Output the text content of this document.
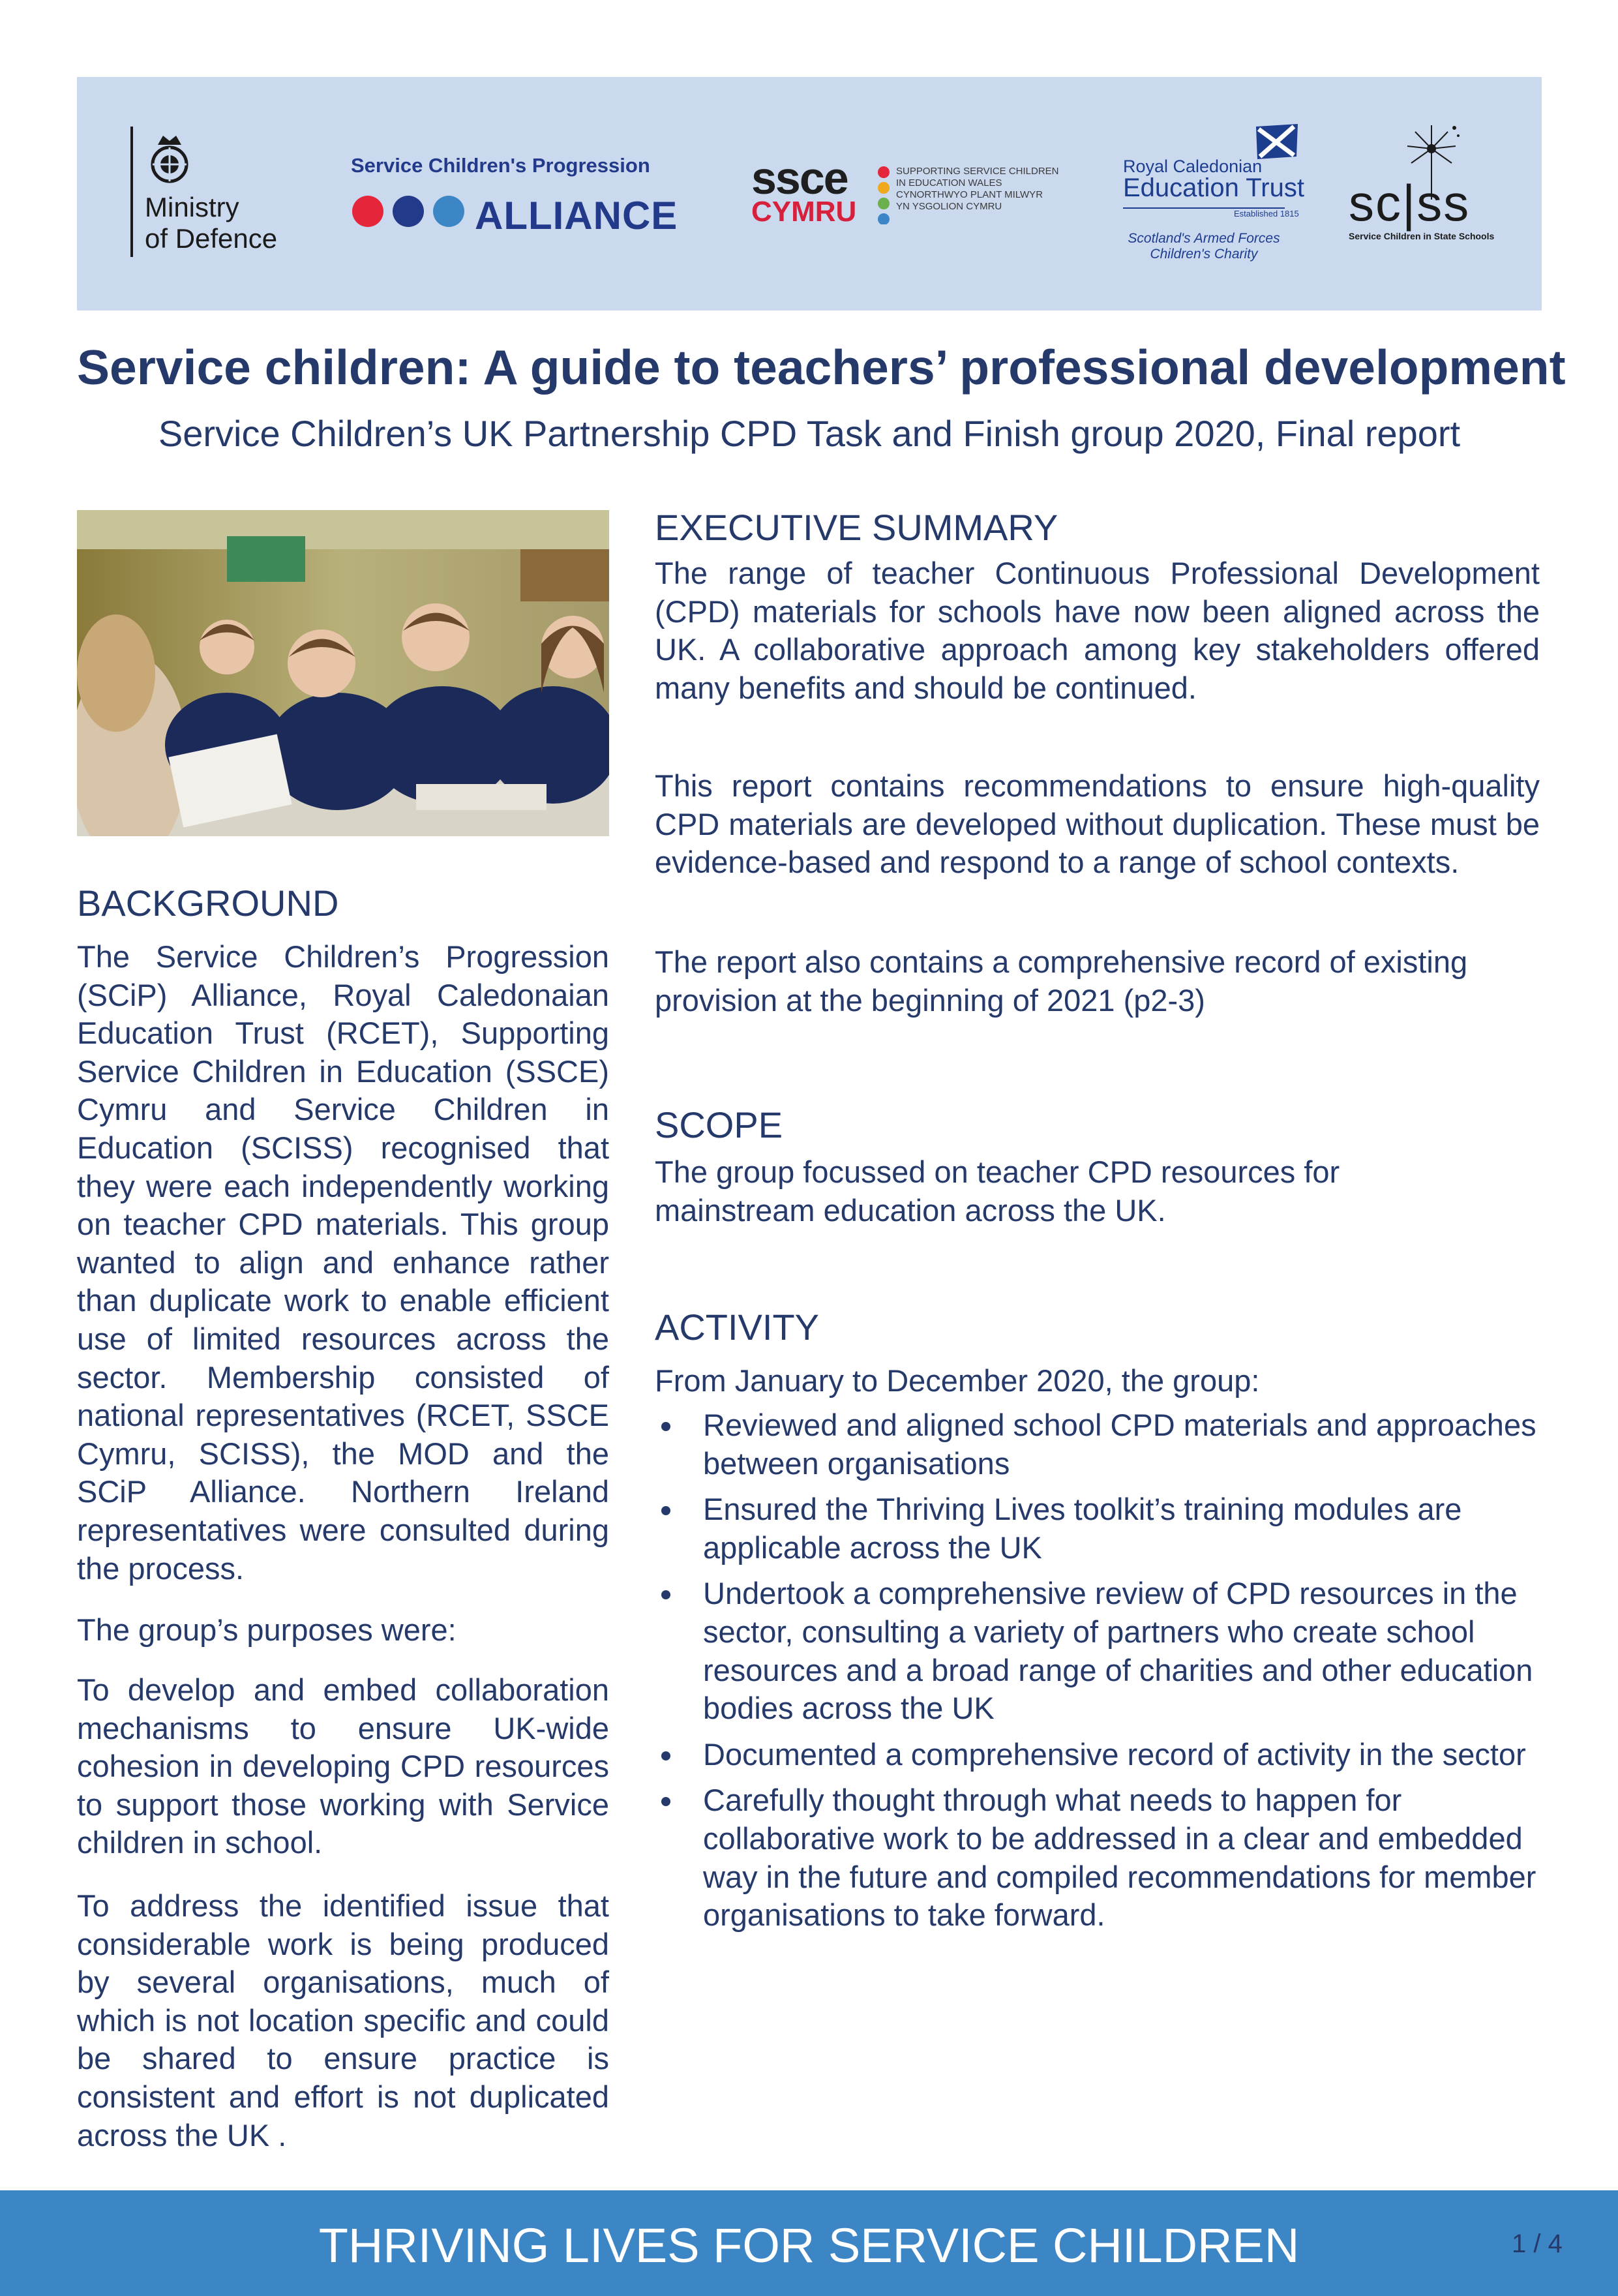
Ministry
of Defence
Service Children's Progression
ALLIANCE
ssce
CYMRU
SUPPORTING SERVICE CHILDREN
IN EDUCATION WALES
CYNORTHWYO PLANT MILWYR
YN YSGOLION CYMRU
Royal Caledonian
Education Trust
Established 1815
Scotland's Armed Forces
Children's Charity
sc|ss
Service Children in State Schools
Service children: A guide to teachers’ professional development
Service Children’s UK Partnership CPD Task and Finish group 2020, Final report
BACKGROUND

The Service Children’s Progression (SCiP) Alliance, Royal Caledonaian Education Trust (RCET), Supporting Service Children in Education (SSCE) Cymru and Service Children in Education (SCISS) recognised that they were each independently working on teacher CPD materials. This group wanted to align and enhance rather than duplicate work to enable efficient use of limited resources across the sector. Membership consisted of national representatives (RCET, SSCE Cymru, SCISS), the MOD and the SCiP Alliance. Northern Ireland representatives were consulted during the process.

The group’s purposes were:

To develop and embed collaboration mechanisms to ensure UK-wide cohesion in developing CPD resources to support those working with Service children in school.

To address the identified issue that considerable work is being produced by several organisations, much of which is not location specific and could be shared to ensure practice is consistent and effort is not duplicated across the UK .

EXECUTIVE SUMMARY

The range of teacher Continuous Professional Development (CPD) materials for schools have now been aligned across the UK. A collaborative approach among key stakeholders offered many benefits and should be continued.

This report contains recommendations to ensure high-quality CPD materials are developed without duplication. These must be evidence-based and respond to a range of school contexts.

The report also contains a comprehensive record of existing provision at the beginning of 2021 (p2-3)

SCOPE

The group focussed on teacher CPD resources for mainstream education across the UK.

ACTIVITY

From January to December 2020, the group:

Reviewed and aligned school CPD materials and approaches between organisations
Ensured the Thriving Lives toolkit’s training modules are applicable across the UK
Undertook a comprehensive review of CPD resources in the sector, consulting a variety of partners who create school resources and a broad range of charities and other education bodies across the UK
Documented a comprehensive record of activity in the sector
Carefully thought through what needs to happen for collaborative work to be addressed in a clear and embedded way in the future and compiled recommendations for member organisations to take forward.
THRIVING LIVES FOR SERVICE CHILDREN	1 / 4
